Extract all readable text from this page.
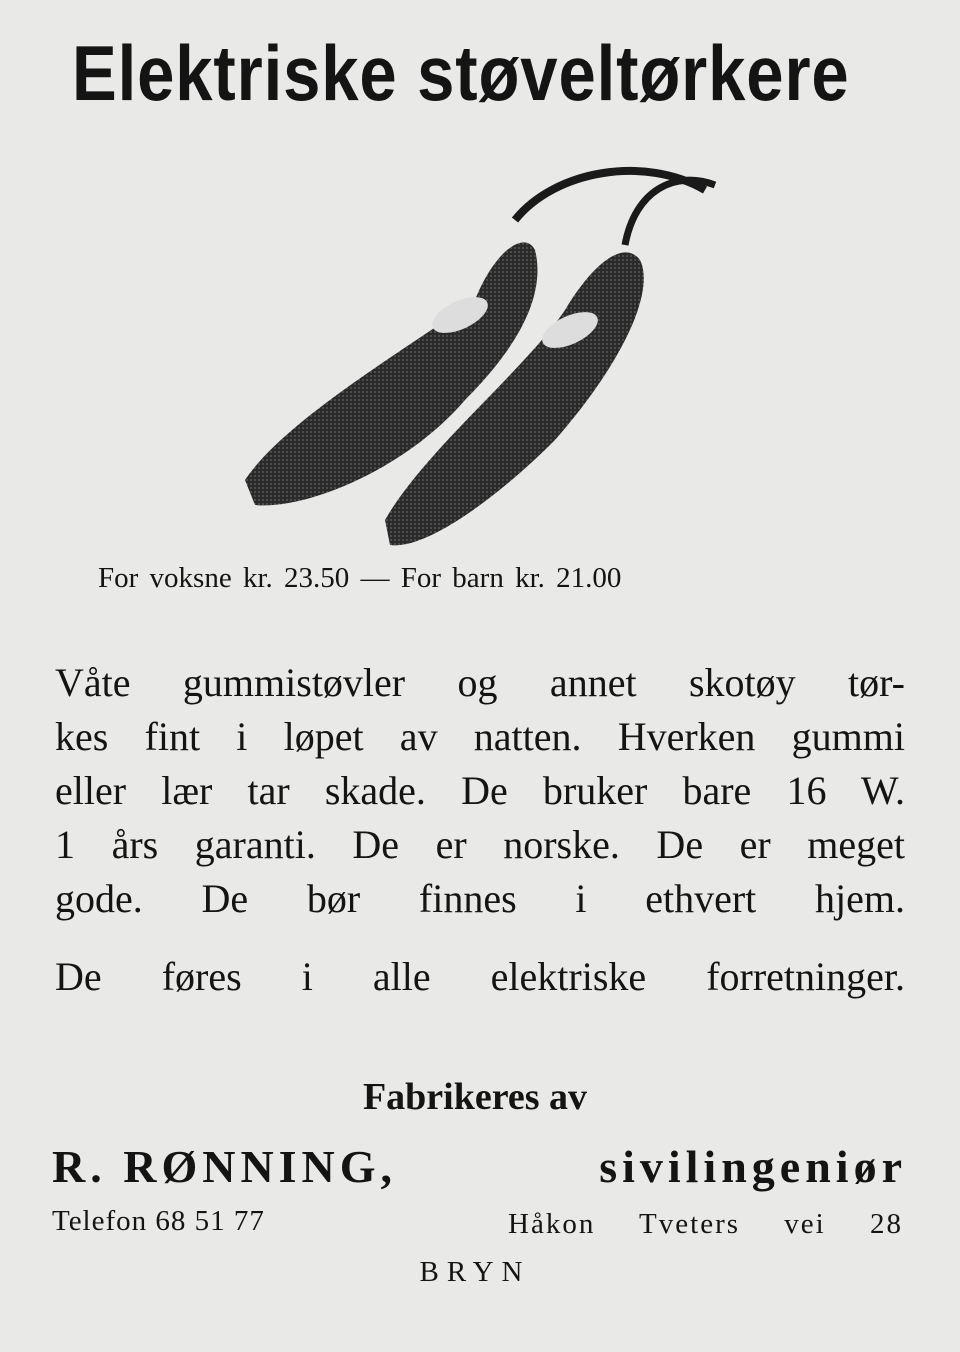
Elektriske støveltørkere
For voksne kr. 23.50 — For barn kr. 21.00
Våte gummistøvler og annet skotøy tør-
kes fint i løpet av natten. Hverken gummi
eller lær tar skade. De bruker bare 16 W.
1 års garanti. De er norske. De er meget
gode. De bør finnes i ethvert hjem.
De føres i alle elektriske forretninger.
Fabrikeres av
R. RØNNING,	sivilingeniør
Telefon 68 51 77	Håkon Tveters vei 28
BRYN
